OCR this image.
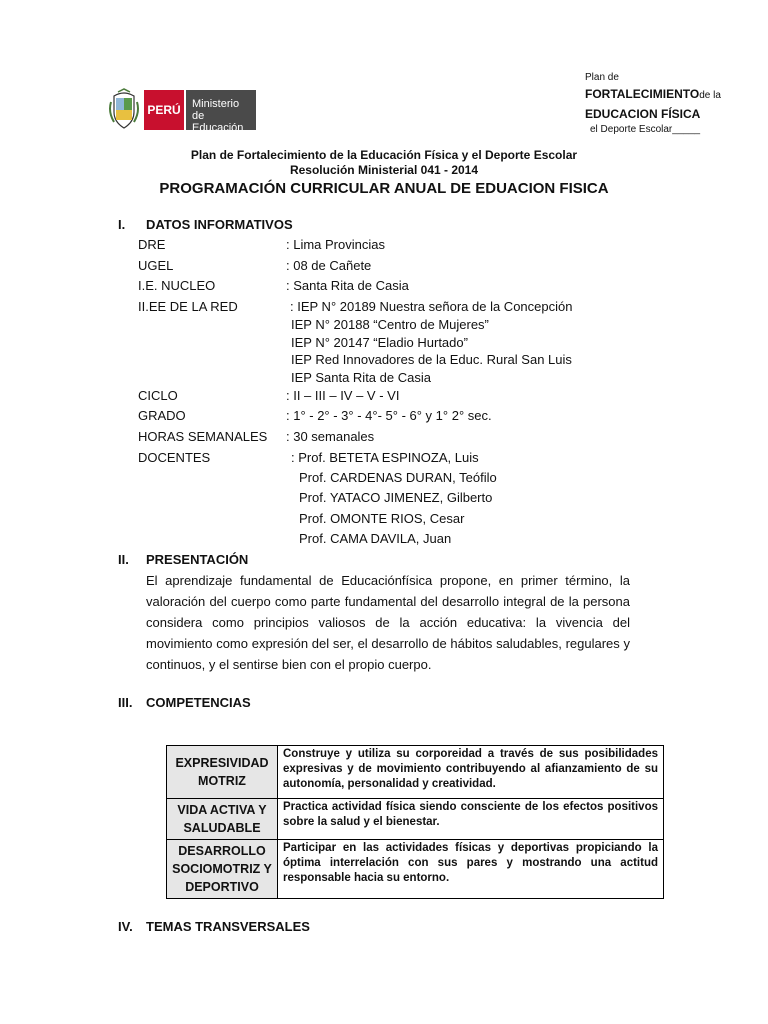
PERÚ	Ministerio
de Educación
Plan de
FORTALECIMIENTOde la
EDUCACION FÍSICA
el Deporte Escolar_____
Plan de Fortalecimiento de la Educación Física y el Deporte Escolar
Resolución Ministerial 041 - 2014
PROGRAMACIÓN CURRICULAR ANUAL DE EDUACION FISICA
I. DATOS INFORMATIVOS
DRE	: Lima Provincias
UGEL	: 08 de Cañete
I.E. NUCLEO	: Santa Rita de Casia
II.EE DE LA RED	: IEP N° 20189 Nuestra señora de la Concepción
IEP N° 20188 “Centro de Mujeres”
IEP N° 20147 “Eladio Hurtado”
IEP Red Innovadores de la Educ. Rural San Luis
IEP Santa Rita de Casia
CICLO	: II – III – IV – V - VI
GRADO	: 1° - 2° - 3° - 4°- 5° - 6° y 1° 2° sec.
HORAS SEMANALES : 30 semanales
DOCENTES	: Prof. BETETA ESPINOZA, Luis
Prof. CARDENAS DURAN, Teófilo
Prof. YATACO JIMENEZ, Gilberto
Prof. OMONTE RIOS, Cesar
Prof. CAMA DAVILA, Juan
II. PRESENTACIÓN
El aprendizaje fundamental de Educaciónfísica propone, en primer término, la valoración del cuerpo como parte fundamental del desarrollo integral de la persona considera como principios valiosos de la acción educativa: la vivencia del movimiento como expresión del ser, el desarrollo de hábitos saludables, regulares y continuos, y el sentirse bien con el propio cuerpo.
III. COMPETENCIAS
EXPRESIVIDAD MOTRIZ	Construye y utiliza su corporeidad a través de sus posibilidades expresivas y de movimiento contribuyendo al afianzamiento de su autonomía, personalidad y creatividad.
VIDA ACTIVA Y SALUDABLE	Practica actividad física siendo consciente de los efectos positivos sobre la salud y el bienestar.
DESARROLLO SOCIOMOTRIZ Y DEPORTIVO	Participar en las actividades físicas y deportivas propiciando la óptima interrelación con sus pares y mostrando una actitud responsable hacia su entorno.
IV. TEMAS TRANSVERSALES
